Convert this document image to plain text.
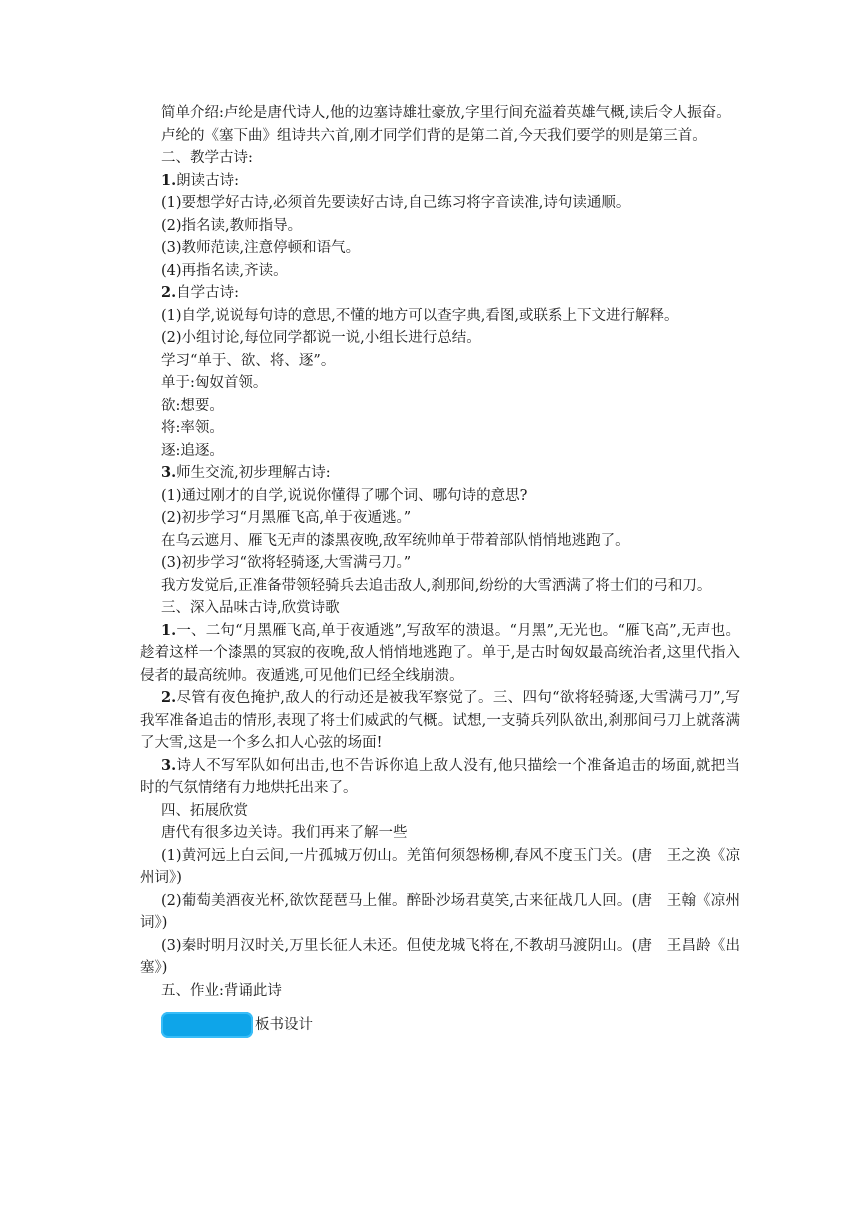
简单介绍:卢纶是唐代诗人,他的边塞诗雄壮豪放,字里行间充溢着英雄气概,读后令人振奋。

卢纶的《塞下曲》组诗共六首,刚才同学们背的是第二首,今天我们要学的则是第三首。

二、教学古诗:

1.朗读古诗:

(1)要想学好古诗,必须首先要读好古诗,自己练习将字音读准,诗句读通顺。

(2)指名读,教师指导。

(3)教师范读,注意停顿和语气。

(4)再指名读,齐读。

2.自学古诗:

(1)自学,说说每句诗的意思,不懂的地方可以查字典,看图,或联系上下文进行解释。

(2)小组讨论,每位同学都说一说,小组长进行总结。

学习“单于、欲、将、逐”。

单于:匈奴首领。

欲:想要。

将:率领。

逐:追逐。

3.师生交流,初步理解古诗:

(1)通过刚才的自学,说说你懂得了哪个词、哪句诗的意思?

(2)初步学习“月黑雁飞高,单于夜遁逃。”

在乌云遮月、雁飞无声的漆黑夜晚,敌军统帅单于带着部队悄悄地逃跑了。

(3)初步学习“欲将轻骑逐,大雪满弓刀。”

我方发觉后,正准备带领轻骑兵去追击敌人,刹那间,纷纷的大雪洒满了将士们的弓和刀。

三、深入品味古诗,欣赏诗歌

1.一、二句“月黑雁飞高,单于夜遁逃”,写敌军的溃退。“月黑”,无光也。“雁飞高”,无声也。趁着这样一个漆黑的冥寂的夜晚,敌人悄悄地逃跑了。单于,是古时匈奴最高统治者,这里代指入侵者的最高统帅。夜遁逃,可见他们已经全线崩溃。

2.尽管有夜色掩护,敌人的行动还是被我军察觉了。三、四句“欲将轻骑逐,大雪满弓刀”,写我军准备追击的情形,表现了将士们威武的气概。试想,一支骑兵列队欲出,刹那间弓刀上就落满了大雪,这是一个多么扣人心弦的场面!

3.诗人不写军队如何出击,也不告诉你追上敌人没有,他只描绘一个准备追击的场面,就把当时的气氛情绪有力地烘托出来了。

四、拓展欣赏

唐代有很多边关诗。我们再来了解一些

(1)黄河远上白云间,一片孤城万仞山。羌笛何须怨杨柳,春风不度玉门关。(唐　王之涣《凉州词》)

(2)葡萄美酒夜光杯,欲饮琵琶马上催。醉卧沙场君莫笑,古来征战几人回。(唐　王翰《凉州词》)

(3)秦时明月汉时关,万里长征人未还。但使龙城飞将在,不教胡马渡阴山。(唐　王昌龄《出塞》)

五、作业:背诵此诗

板书设计
